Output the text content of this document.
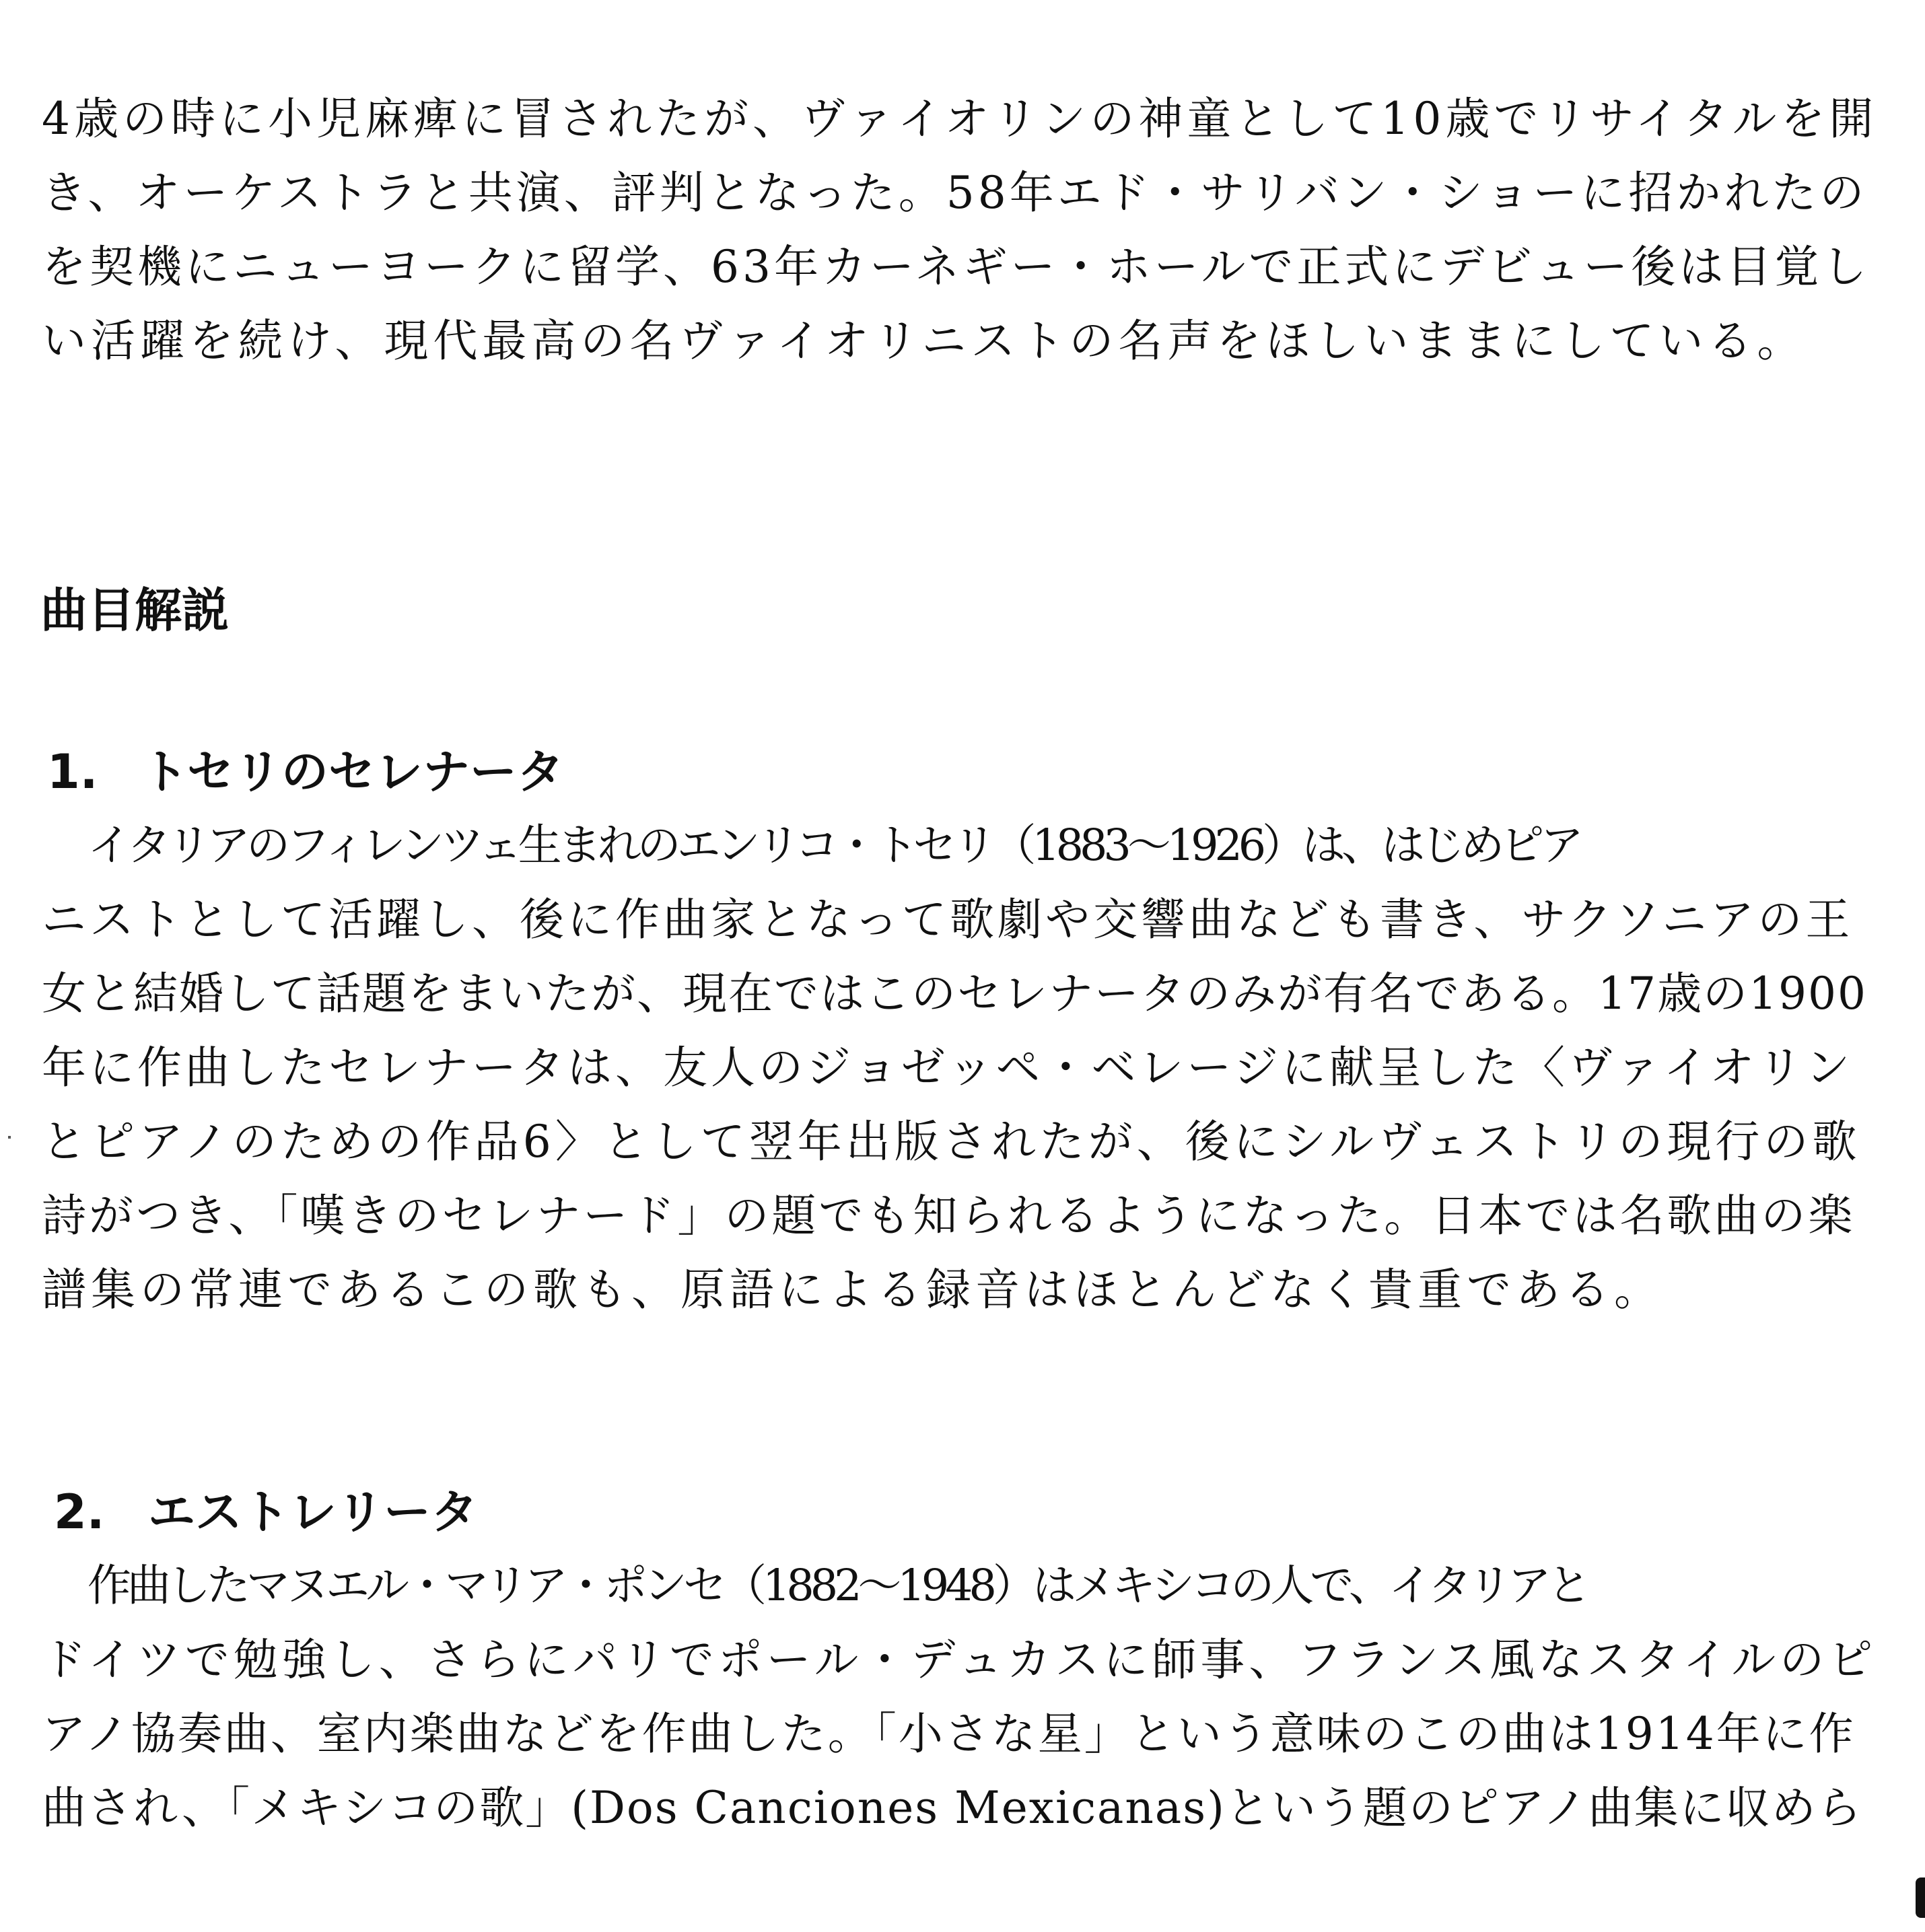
4歳の時に小児麻痺に冒されたが、ヴァイオリンの神童として10歳でリサイタルを開
き、オーケストラと共演、評判となった。58年エド・サリバン・ショーに招かれたの
を契機にニューヨークに留学、63年カーネギー・ホールで正式にデビュー後は目覚し
い活躍を続け、現代最高の名ヴァイオリニストの名声をほしいままにしている。
曲目解説
1. トセリのセレナータ
イタリアのフィレンツェ生まれのエンリコ・トセリ（1883～1926）は、はじめピア
ニストとして活躍し、後に作曲家となって歌劇や交響曲なども書き、サクソニアの王
女と結婚して話題をまいたが、現在ではこのセレナータのみが有名である。17歳の1900
年に作曲したセレナータは、友人のジョゼッペ・ベレージに献呈した〈ヴァイオリン
とピアノのための作品6〉として翌年出版されたが、後にシルヴェストリの現行の歌
詩がつき、「嘆きのセレナード」の題でも知られるようになった。日本では名歌曲の楽
譜集の常連であるこの歌も、原語による録音はほとんどなく貴重である。
2. エストレリータ
作曲したマヌエル・マリア・ポンセ（1882～1948）はメキシコの人で、イタリアと
ドイツで勉強し、さらにパリでポール・デュカスに師事、フランス風なスタイルのピ
アノ協奏曲、室内楽曲などを作曲した。「小さな星」という意味のこの曲は1914年に作
曲され、「メキシコの歌」(Dos Canciones Mexicanas)という題のピアノ曲集に収めら
